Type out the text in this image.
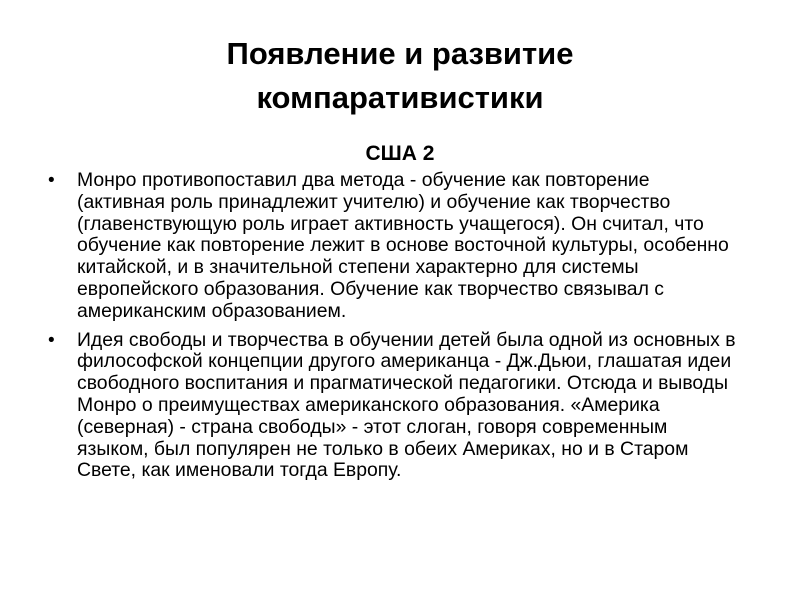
Появление и развитие
компаративистики
США 2
• Монро противопоставил два метода - обучение как повторение (активная роль принадлежит учителю) и обучение как творчество (главенствующую роль играет активность учащегося). Он считал, что обучение как повторение лежит в основе восточной культуры, особенно китайской, и в значительной степени характерно для системы европейского образования. Обучение как творчество связывал с американским образованием.
• Идея свободы и творчества в обучении детей была одной из основных в философской концепции другого американца - Дж.Дьюи, глашатая идеи свободного воспитания и прагматической педагогики. Отсюда и выводы Монро о преимуществах американского образования. «Америка (северная) - страна свободы» - этот слоган, говоря современным языком, был популярен не только в обеих Америках, но и в Старом Свете, как именовали тогда Европу.
